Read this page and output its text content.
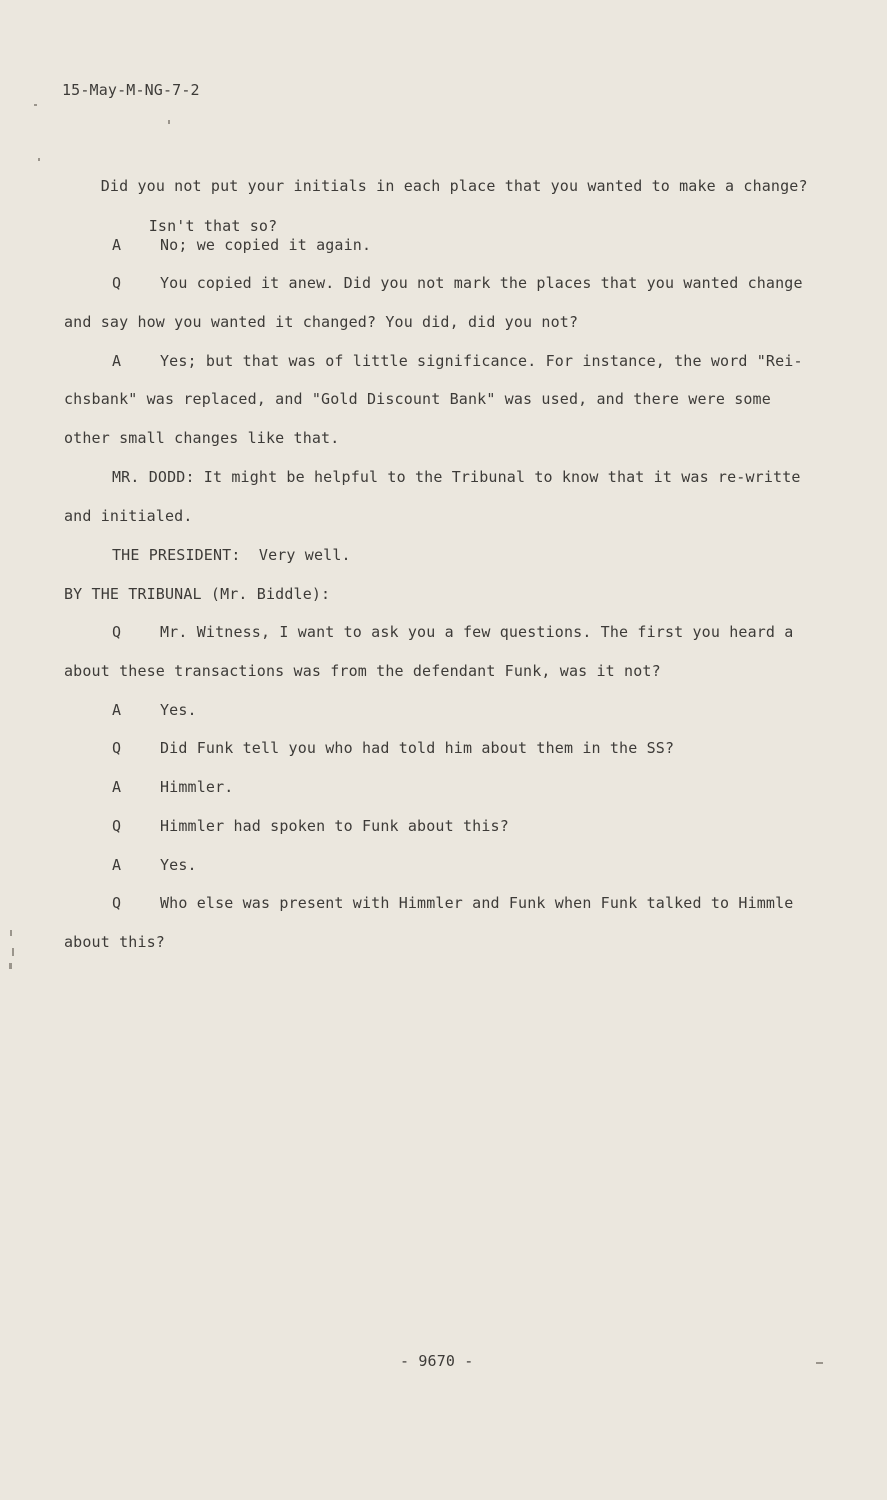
15-May-M-NG-7-2

Did you not put your initials in each place that you wanted to make a change?

Isn't that so?

A	No; we copied it again.
Q	You copied it anew. Did you not mark the places that you wanted change
and say how you wanted it changed? You did, did you not?
A	Yes; but that was of little significance. For instance, the word "Rei-
chsbank" was replaced, and "Gold Discount Bank" was used, and there were some
other small changes like that.
MR. DODD: It might be helpful to the Tribunal to know that it was re-writte
and initialed.
THE PRESIDENT:  Very well.
BY THE TRIBUNAL (Mr. Biddle):
Q	Mr. Witness, I want to ask you a few questions. The first you heard a
about these transactions was from the defendant Funk, was it not?
A	Yes.
Q	Did Funk tell you who had told him about them in the SS?
A	Himmler.
Q	Himmler had spoken to Funk about this?
A	Yes.
Q	Who else was present with Himmler and Funk when Funk talked to Himmle
about this?
- 9670 -
